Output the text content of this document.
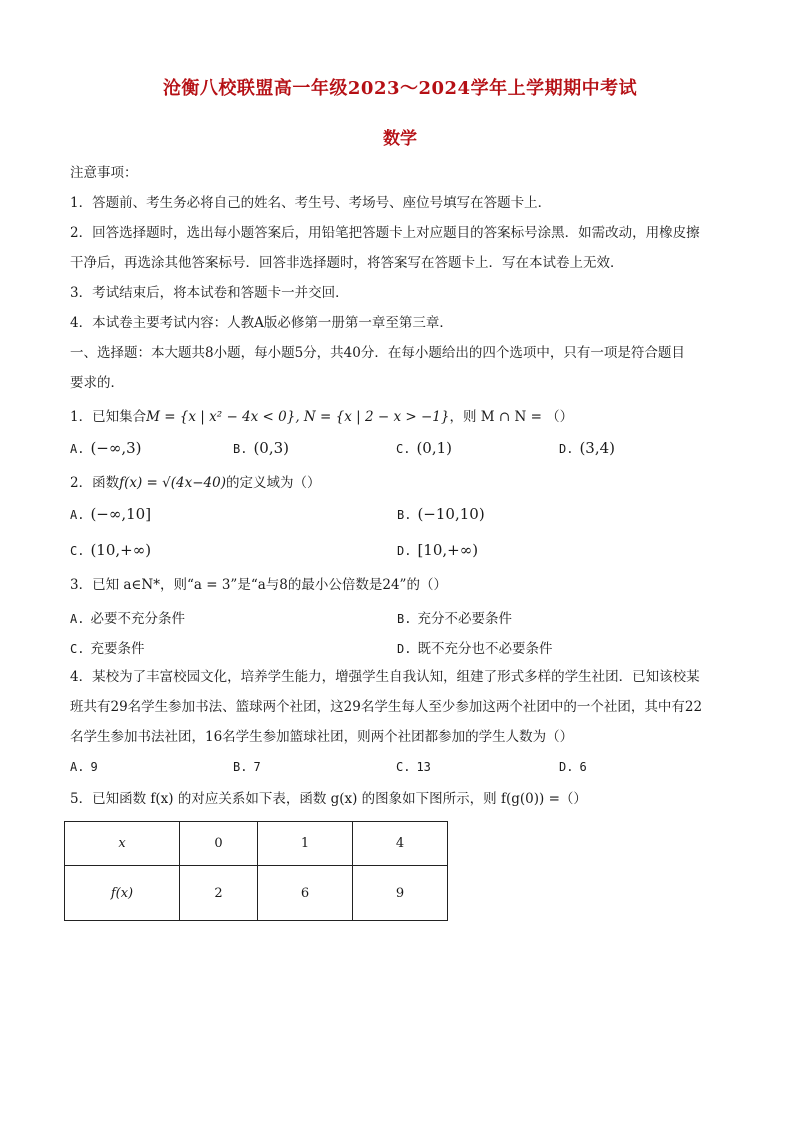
沧衡八校联盟高一年级2023～2024学年上学期期中考试
数学

注意事项：

1．答题前、考生务必将自己的姓名、考生号、考场号、座位号填写在答题卡上．

2．回答选择题时，选出每小题答案后，用铅笔把答题卡上对应题目的答案标号涂黑．如需改动，用橡皮擦

干净后，再选涂其他答案标号．回答非选择题时，将答案写在答题卡上．写在本试卷上无效．

3．考试结束后，将本试卷和答题卡一并交回．

4．本试卷主要考试内容：人教A版必修第一册第一章至第三章．

一、选择题：本大题共8小题，每小题5分，共40分．在每小题给出的四个选项中，只有一项是符合题目

要求的．

1．已知集合M = {x | x² − 4x < 0}, N = {x | 2 − x > −1}，则 M ∩ N = （）

A. (−∞,3)	B. (0,3)	C. (0,1)	D. (3,4)

2．函数f(x) = √(4x−40)的定义域为（）

A. (−∞,10]	B. (−10,10)
C. (10,+∞)	D. [10,+∞)

3．已知 a∈N*，则“a = 3”是“a与8的最小公倍数是24”的（）

A. 必要不充分条件	B. 充分不必要条件
C. 充要条件	D. 既不充分也不必要条件

4．某校为了丰富校园文化，培养学生能力，增强学生自我认知，组建了形式多样的学生社团．已知该校某

班共有29名学生参加书法、篮球两个社团，这29名学生每人至少参加这两个社团中的一个社团，其中有22

名学生参加书法社团，16名学生参加篮球社团，则两个社团都参加的学生人数为（）

A. 9	B. 7	C. 13	D. 6

5．已知函数 f(x) 的对应关系如下表，函数 g(x) 的图象如下图所示，则 f(g(0)) =（）

x	0	1	4
f(x)	2	6	9
